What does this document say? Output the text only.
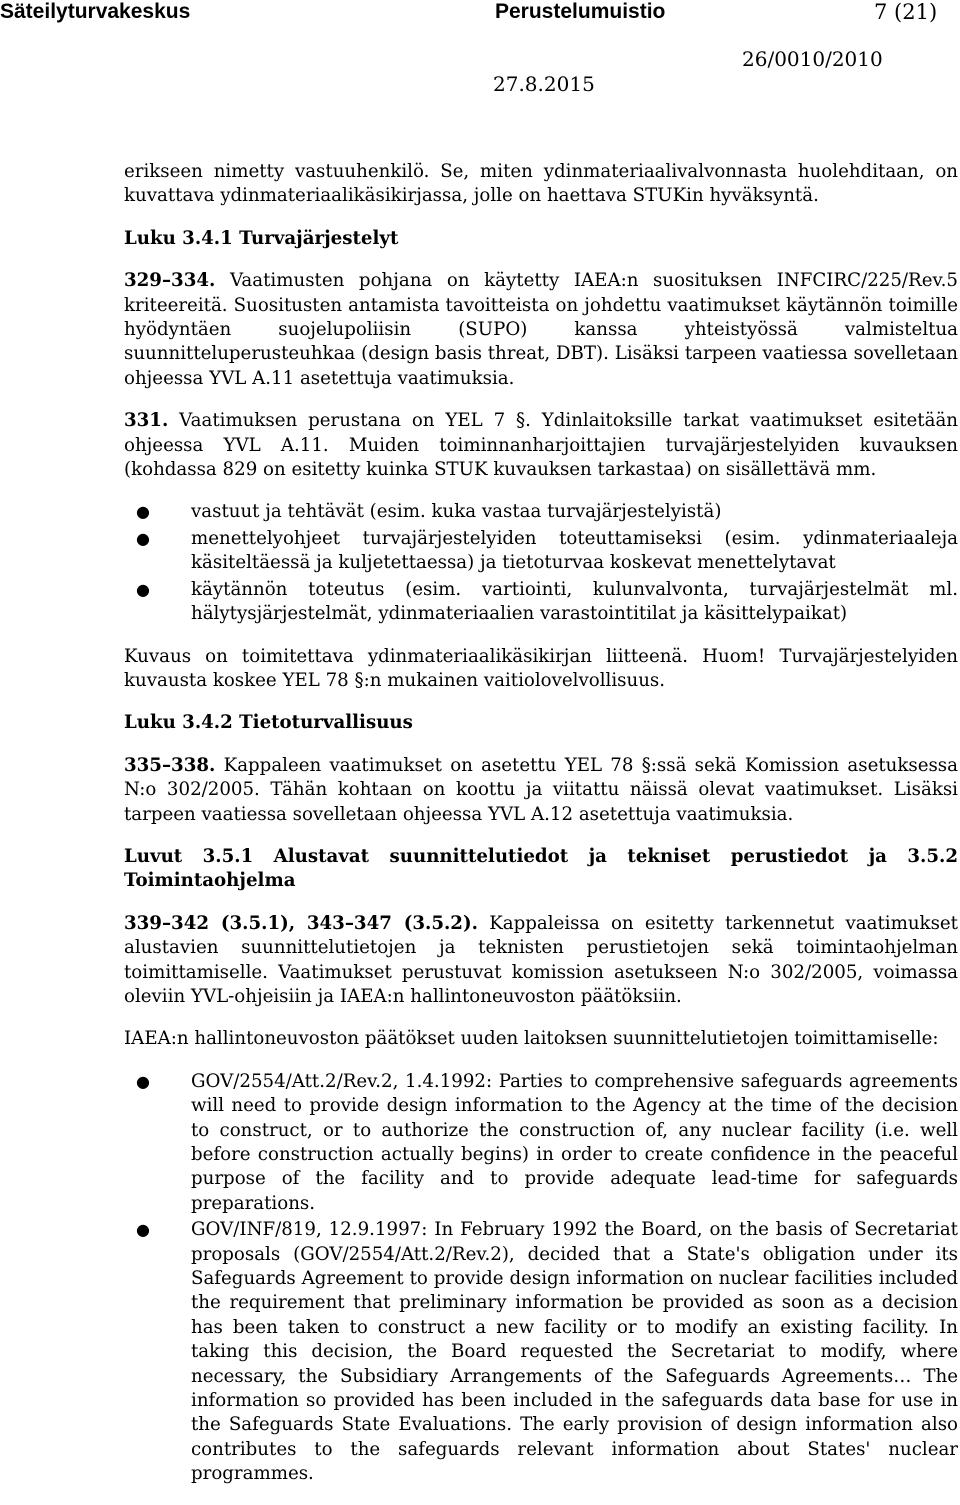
Säteilyturvakeskus	Perustelumuistio	7 (21)
26/0010/2010
27.8.2015

erikseen nimetty vastuuhenkilö. Se, miten ydinmateriaalivalvonnasta huolehditaan, on kuvattava ydinmateriaalikäsikirjassa, jolle on haettava STUKin hyväksyntä.

Luku 3.4.1 Turvajärjestelyt

329–334. Vaatimusten pohjana on käytetty IAEA:n suosituksen INFCIRC/225/Rev.5 kriteereitä. Suositusten antamista tavoitteista on johdettu vaatimukset käytännön toimille hyödyntäen suojelupoliisin (SUPO) kanssa yhteistyössä valmisteltua suunnitteluperusteuhkaa (design basis threat, DBT). Lisäksi tarpeen vaatiessa sovelletaan ohjeessa YVL A.11 asetettuja vaatimuksia.

331. Vaatimuksen perustana on YEL 7 §. Ydinlaitoksille tarkat vaatimukset esitetään ohjeessa YVL A.11. Muiden toiminnanharjoittajien turvajärjestelyiden kuvauksen (kohdassa 829 on esitetty kuinka STUK kuvauksen tarkastaa) on sisällettävä mm.

● vastuut ja tehtävät (esim. kuka vastaa turvajärjestelyistä)
● menettelyohjeet turvajärjestelyiden toteuttamiseksi (esim. ydinmateriaaleja käsiteltäessä ja kuljetettaessa) ja tietoturvaa koskevat menettelytavat
● käytännön toteutus (esim. vartiointi, kulunvalvonta, turvajärjestelmät ml. hälytysjärjestelmät, ydinmateriaalien varastointitilat ja käsittelypaikat)

Kuvaus on toimitettava ydinmateriaalikäsikirjan liitteenä. Huom! Turvajärjestelyiden kuvausta koskee YEL 78 §:n mukainen vaitiolovelvollisuus.

Luku 3.4.2 Tietoturvallisuus

335–338. Kappaleen vaatimukset on asetettu YEL 78 §:ssä sekä Komission asetuksessa N:o 302/2005. Tähän kohtaan on koottu ja viitattu näissä olevat vaatimukset. Lisäksi tarpeen vaatiessa sovelletaan ohjeessa YVL A.12 asetettuja vaatimuksia.

Luvut 3.5.1 Alustavat suunnittelutiedot ja tekniset perustiedot ja 3.5.2 Toimintaohjelma

339–342 (3.5.1), 343–347 (3.5.2). Kappaleissa on esitetty tarkennetut vaatimukset alustavien suunnittelutietojen ja teknisten perustietojen sekä toimintaohjelman toimittamiselle. Vaatimukset perustuvat komission asetukseen N:o 302/2005, voimassa oleviin YVL-ohjeisiin ja IAEA:n hallintoneuvoston päätöksiin.

IAEA:n hallintoneuvoston päätökset uuden laitoksen suunnittelutietojen toimittamiselle:

● GOV/2554/Att.2/Rev.2, 1.4.1992: Parties to comprehensive safeguards agreements will need to provide design information to the Agency at the time of the decision to construct, or to authorize the construction of, any nuclear facility (i.e. well before construction actually begins) in order to create confidence in the peaceful purpose of the facility and to provide adequate lead-time for safeguards preparations.
● GOV/INF/819, 12.9.1997: In February 1992 the Board, on the basis of Secretariat proposals (GOV/2554/Att.2/Rev.2), decided that a State's obligation under its Safeguards Agreement to provide design information on nuclear facilities included the requirement that preliminary information be provided as soon as a decision has been taken to construct a new facility or to modify an existing facility. In taking this decision, the Board requested the Secretariat to modify, where necessary, the Subsidiary Arrangements of the Safeguards Agreements… The information so provided has been included in the safeguards data base for use in the Safeguards State Evaluations. The early provision of design information also contributes to the safeguards relevant information about States' nuclear programmes.
